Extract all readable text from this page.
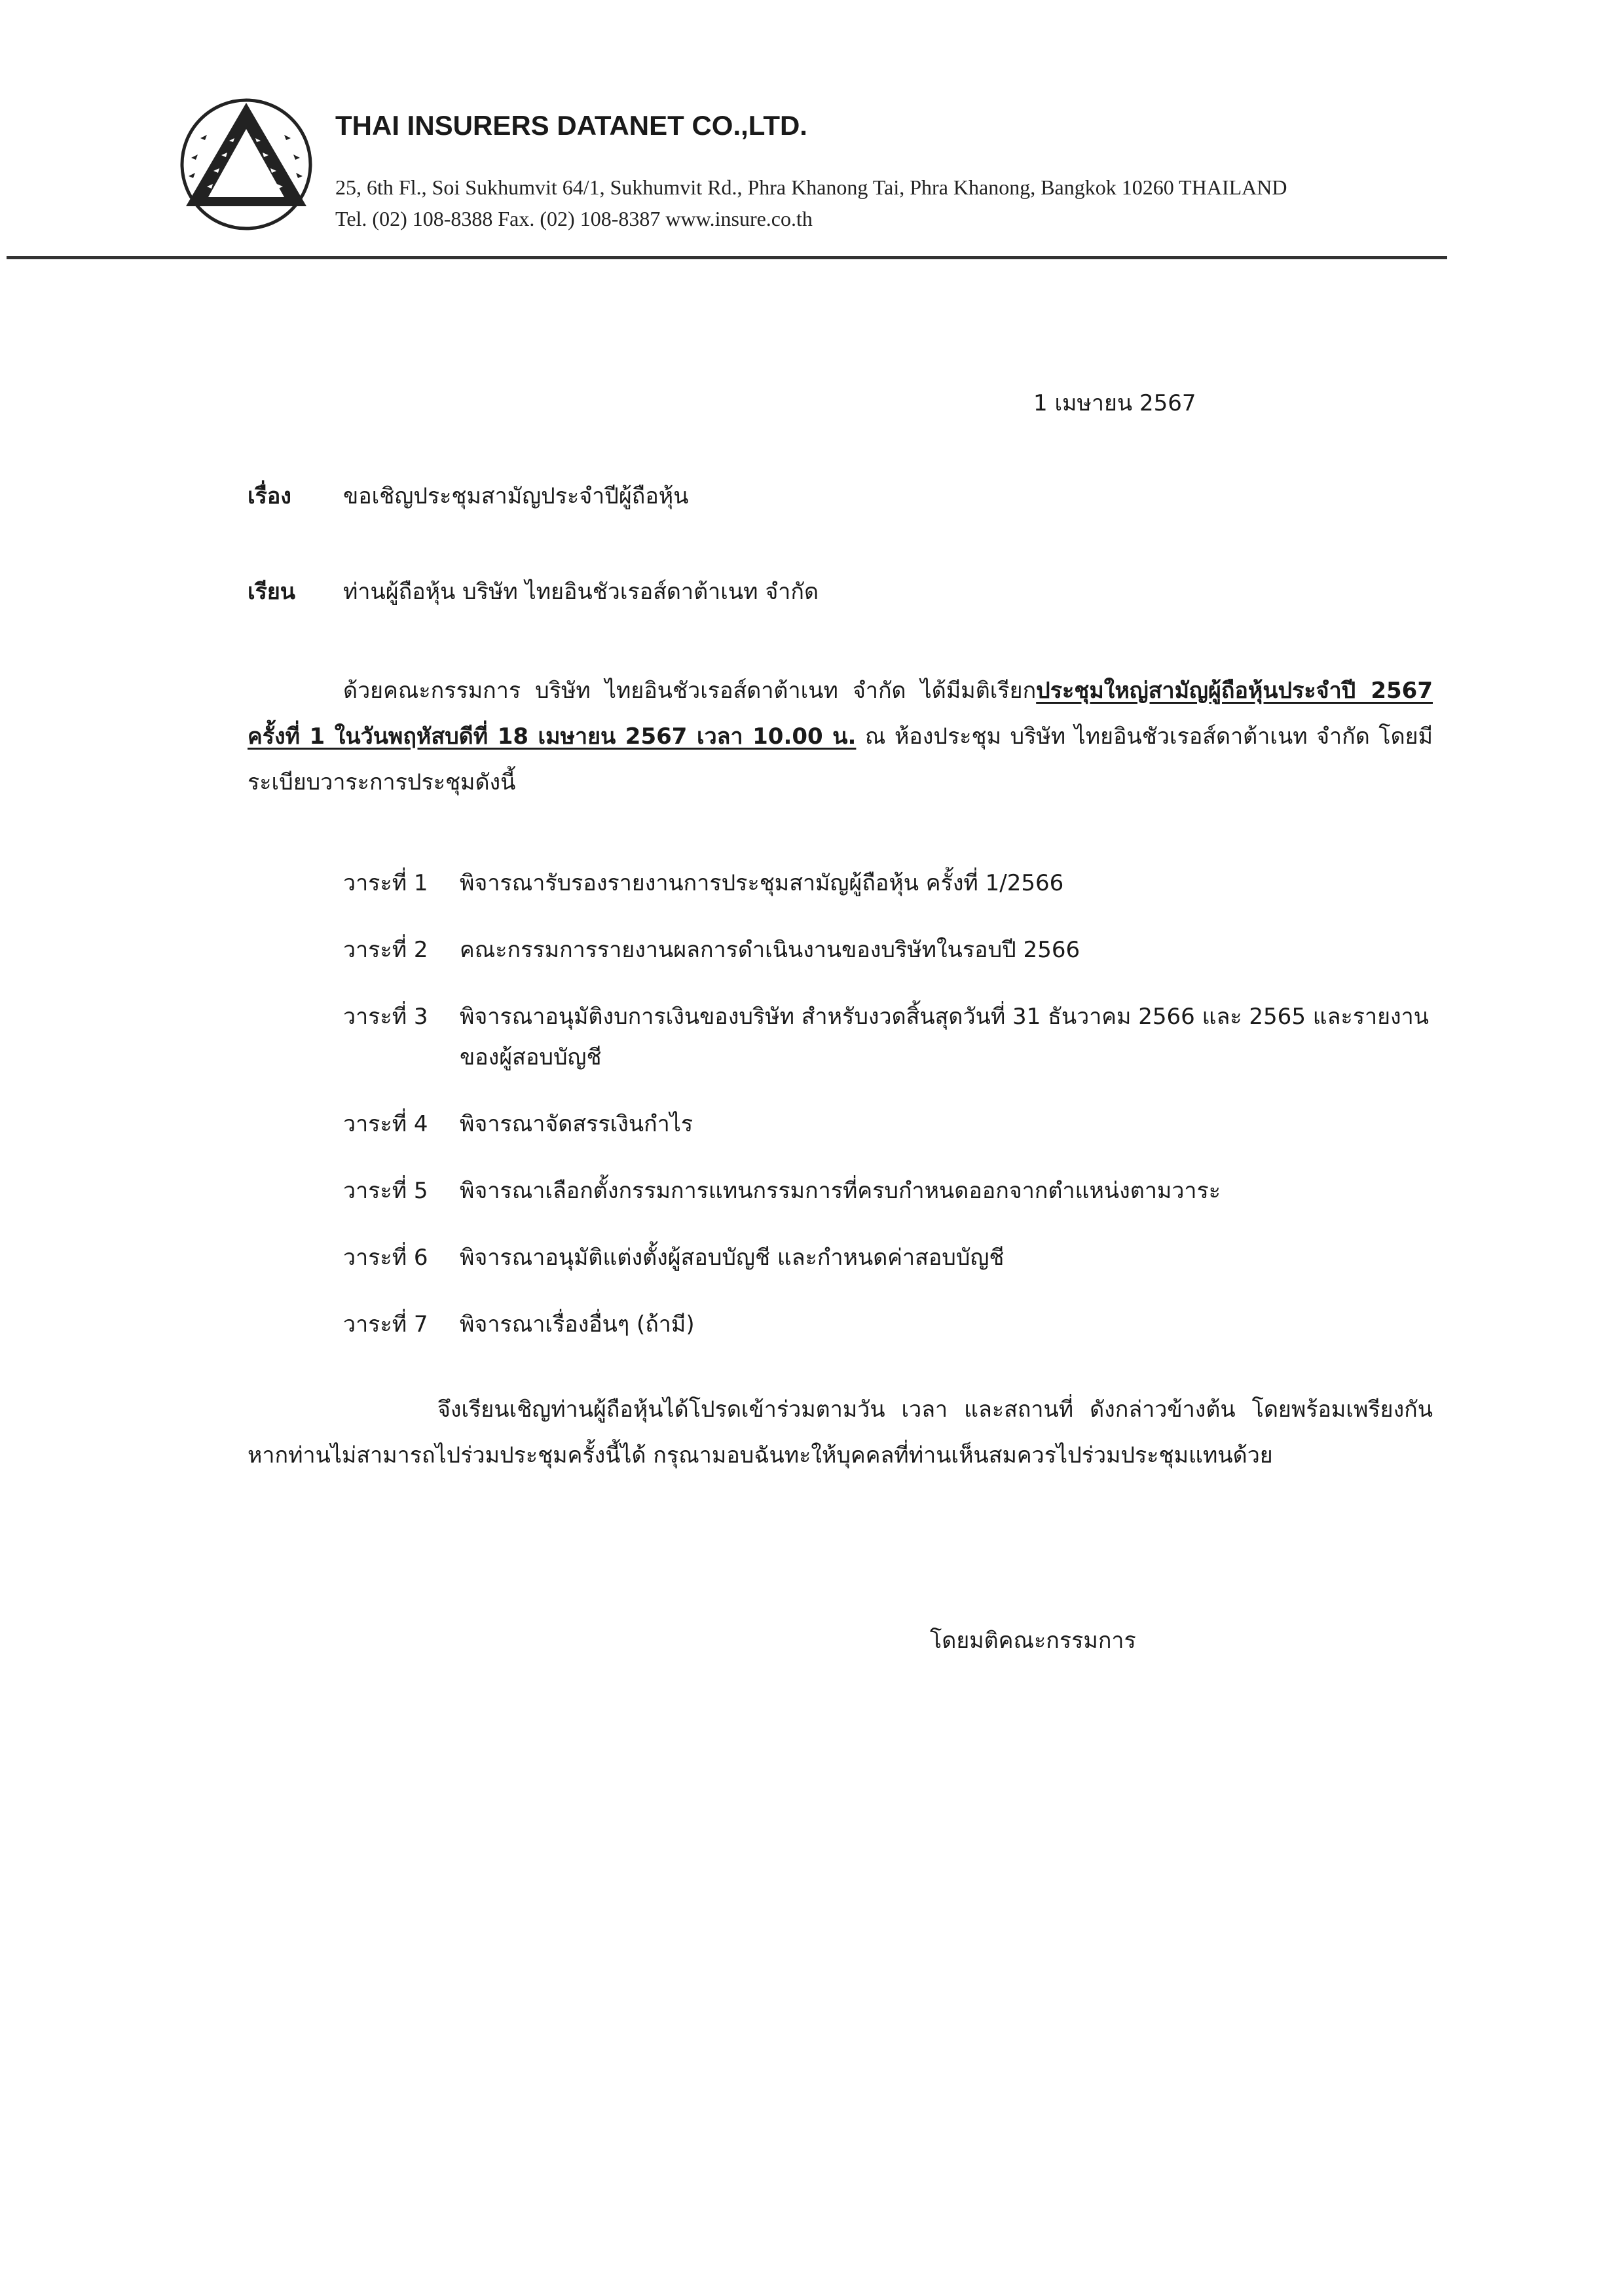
THAI INSURERS DATANET CO.,LTD.
25, 6th Fl., Soi Sukhumvit 64/1, Sukhumvit Rd., Phra Khanong Tai, Phra Khanong, Bangkok 10260 THAILAND
Tel. (02) 108-8388 Fax. (02) 108-8387 www.insure.co.th
1 เมษายน 2567
เรื่อง ขอเชิญประชุมสามัญประจำปีผู้ถือหุ้น
เรียน ท่านผู้ถือหุ้น บริษัท ไทยอินชัวเรอส์ดาต้าเนท จำกัด
ด้วยคณะกรรมการ บริษัท ไทยอินชัวเรอส์ดาต้าเนท จำกัด ได้มีมติเรียกประชุมใหญ่สามัญผู้ถือหุ้นประจำปี 2567 ครั้งที่ 1 ในวันพฤหัสบดีที่ 18 เมษายน 2567 เวลา 10.00 น. ณ ห้องประชุม บริษัท ไทยอินชัวเรอส์ดาต้าเนท จำกัด โดยมีระเบียบวาระการประชุมดังนี้
วาระที่ 1	พิจารณารับรองรายงานการประชุมสามัญผู้ถือหุ้น ครั้งที่ 1/2566
วาระที่ 2	คณะกรรมการรายงานผลการดำเนินงานของบริษัทในรอบปี 2566
วาระที่ 3	พิจารณาอนุมัติงบการเงินของบริษัท สำหรับงวดสิ้นสุดวันที่ 31 ธันวาคม 2566 และ 2565 และรายงานของผู้สอบบัญชี
วาระที่ 4	พิจารณาจัดสรรเงินกำไร
วาระที่ 5	พิจารณาเลือกตั้งกรรมการแทนกรรมการที่ครบกำหนดออกจากตำแหน่งตามวาระ
วาระที่ 6	พิจารณาอนุมัติแต่งตั้งผู้สอบบัญชี และกำหนดค่าสอบบัญชี
วาระที่ 7	พิจารณาเรื่องอื่นๆ (ถ้ามี)
จึงเรียนเชิญท่านผู้ถือหุ้นได้โปรดเข้าร่วมตามวัน เวลา และสถานที่ ดังกล่าวข้างต้น โดยพร้อมเพรียงกัน หากท่านไม่สามารถไปร่วมประชุมครั้งนี้ได้ กรุณามอบฉันทะให้บุคคลที่ท่านเห็นสมควรไปร่วมประชุมแทนด้วย
โดยมติคณะกรรมการ
